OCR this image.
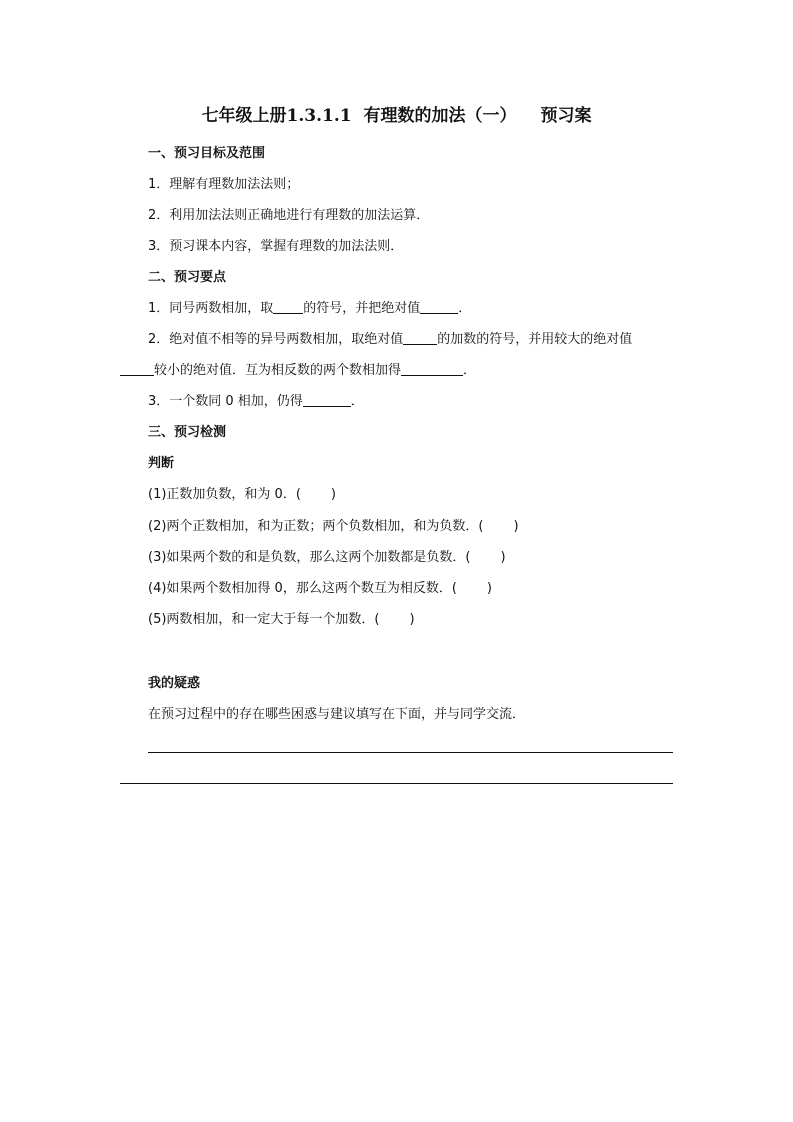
七年级上册1.3.1.1 有理数的加法（一） 预习案
一、预习目标及范围
1．理解有理数加法法则；
2．利用加法法则正确地进行有理数的加法运算．
3．预习课本内容，掌握有理数的加法法则．
二、预习要点
1．同号两数相加，取 的符号，并把绝对值	．
2．绝对值不相等的异号两数相加，取绝对值	的加数的符号，并用较大的绝对值
较小的绝对值．互为相反数的两个数相加得	．
3．一个数同 0 相加，仍得	．
三、预习检测
判断
(1)正数加负数，和为 0．( )
(2)两个正数相加，和为正数；两个负数相加，和为负数．( )
(3)如果两个数的和是负数，那么这两个加数都是负数．( )
(4)如果两个数相加得 0，那么这两个数互为相反数．( )
(5)两数相加，和一定大于每一个加数．( )
我的疑惑
在预习过程中的存在哪些困惑与建议填写在下面，并与同学交流．
